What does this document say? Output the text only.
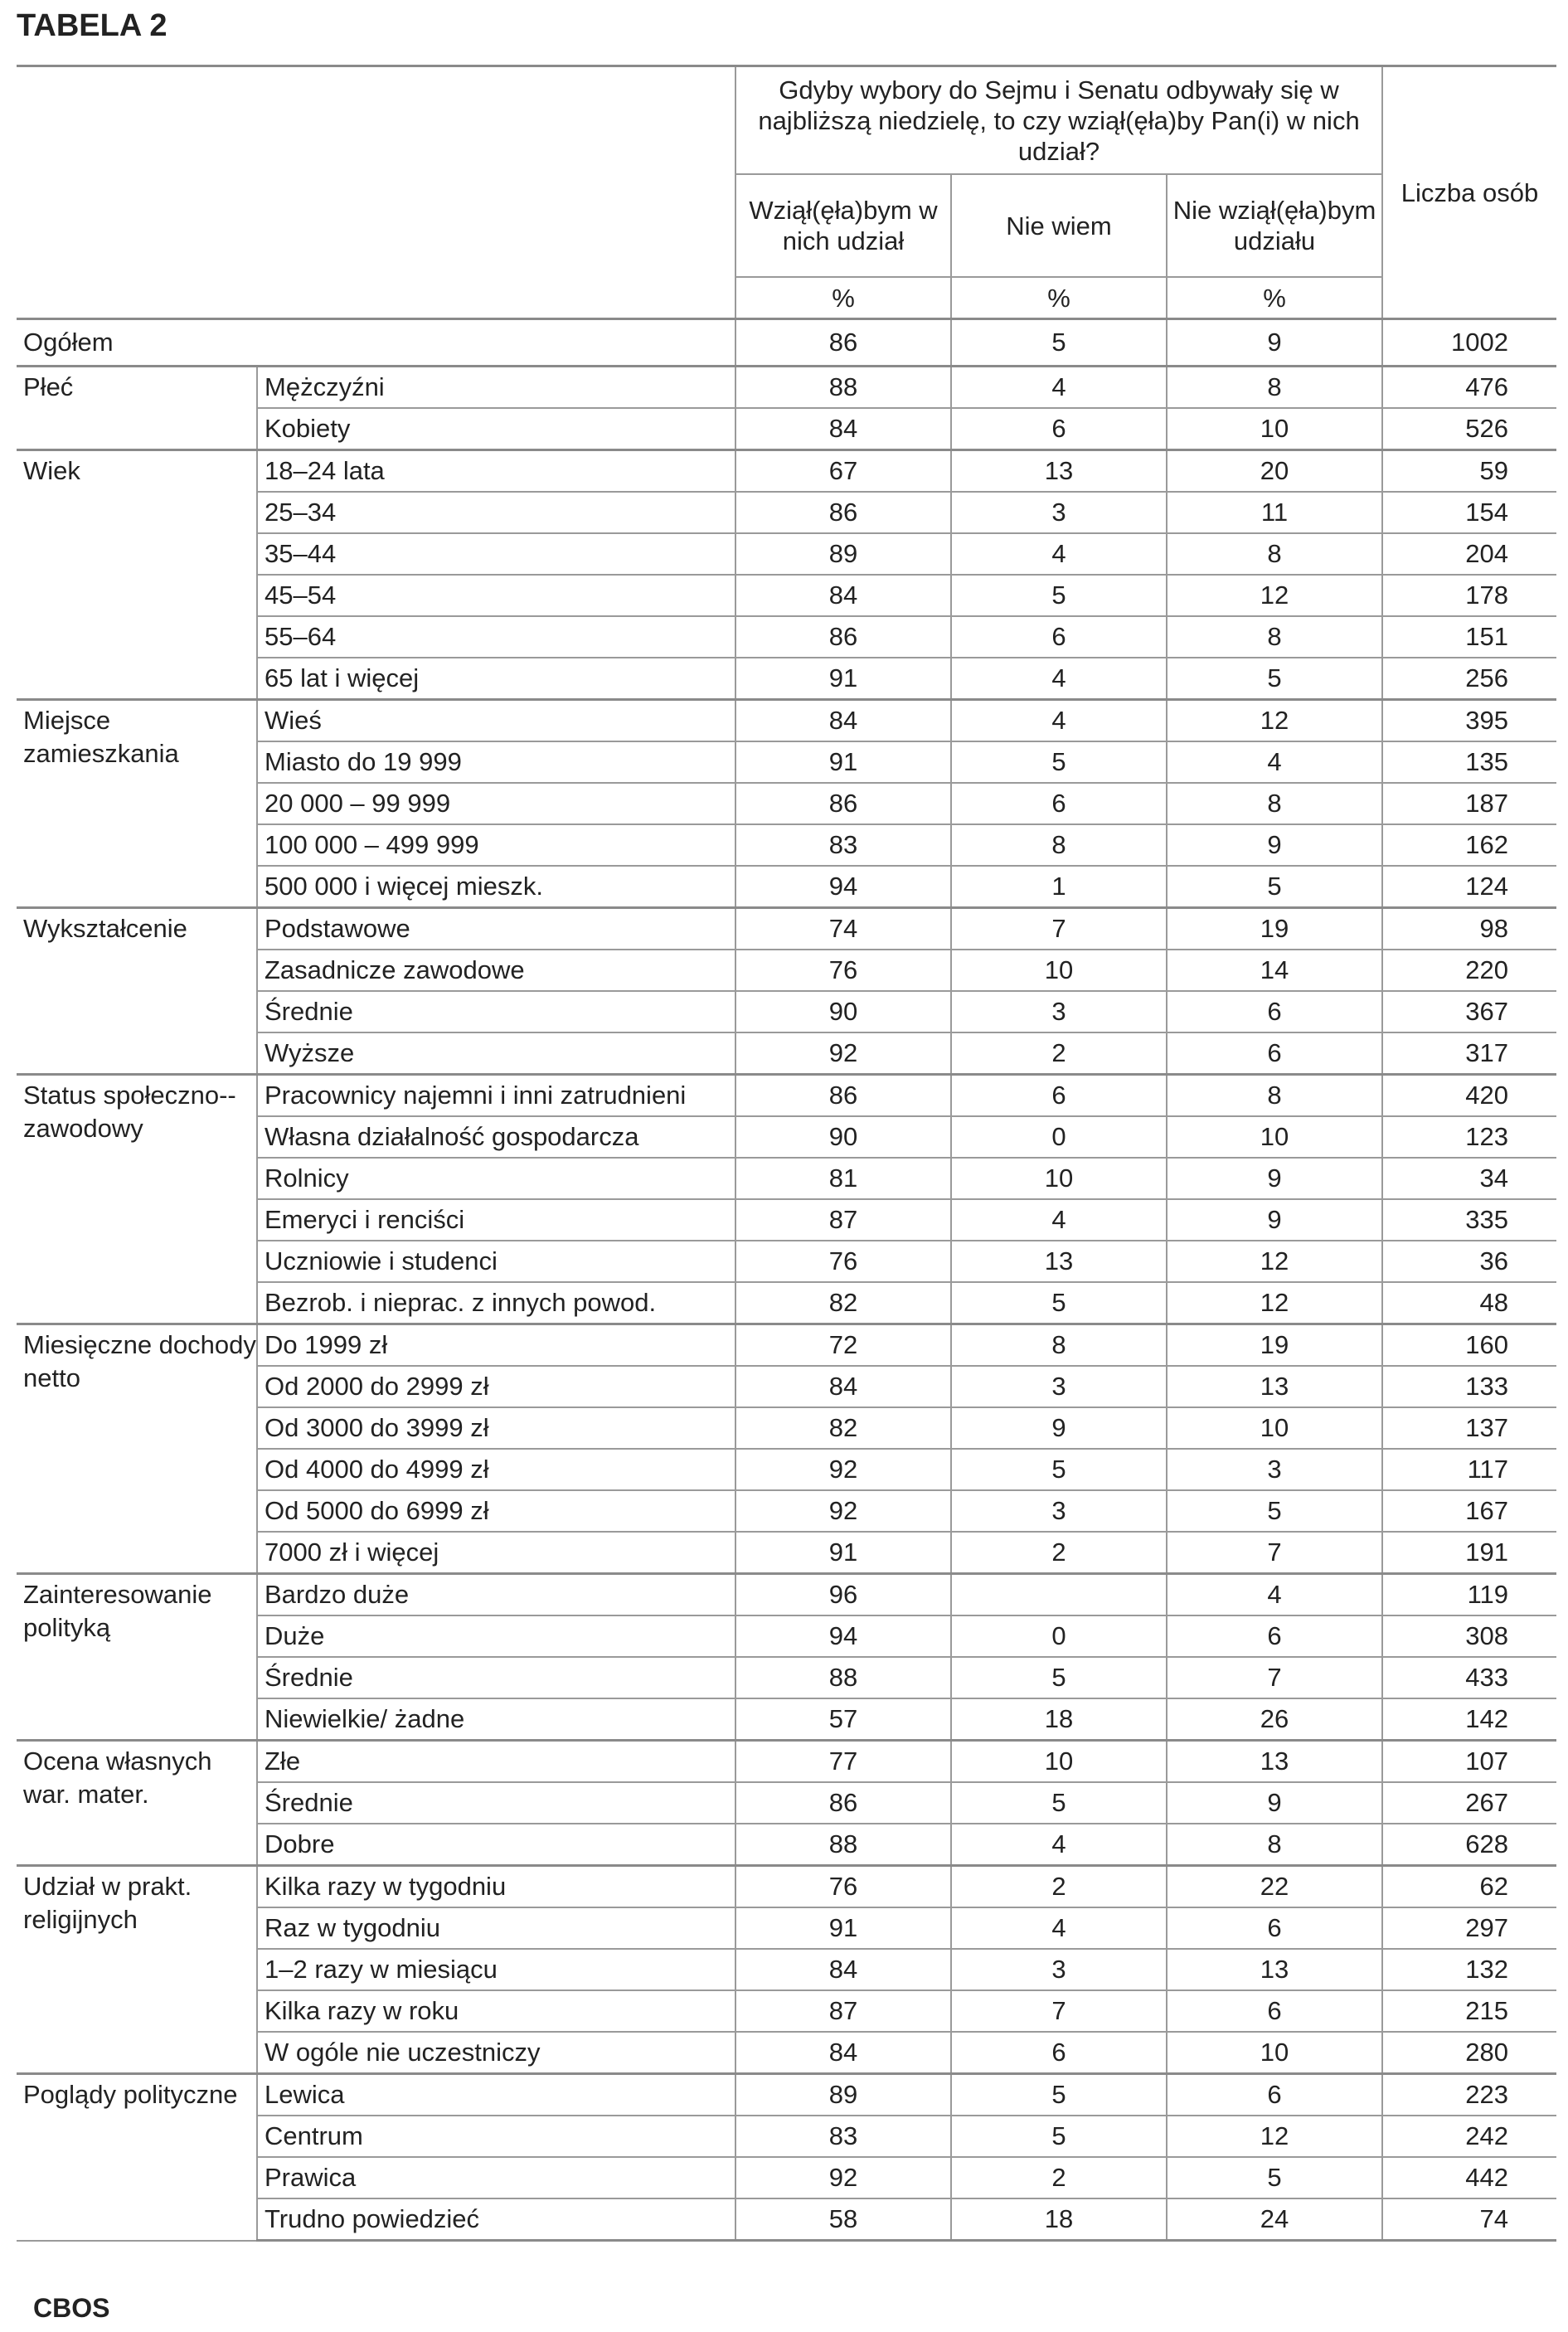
TABELA 2
		Gdyby wybory do Sejmu i Senatu odbywały się w najbliższą niedzielę, to czy wziął(ęła)by Pan(i) w nich udział?			Liczba osób
		Wziął(ęła)bym w nich udział	Nie wiem	Nie wziął(ęła)bym udziału	
		%	%	%	
Ogółem		86	5	9	1002
Płeć	Mężczyźni	88	4	8	476
	Kobiety	84	6	10	526
Wiek	18–24 lata	67	13	20	59
	25–34	86	3	11	154
	35–44	89	4	8	204
	45–54	84	5	12	178
	55–64	86	6	8	151
	65 lat i więcej	91	4	5	256
Miejsce zamieszkania	Wieś	84	4	12	395
	Miasto do 19 999	91	5	4	135
	20 000 – 99 999	86	6	8	187
	100 000 – 499 999	83	8	9	162
	500 000 i więcej mieszk.	94	1	5	124
Wykształcenie	Podstawowe	74	7	19	98
	Zasadnicze zawodowe	76	10	14	220
	Średnie	90	3	6	367
	Wyższe	92	2	6	317
Status społeczno--zawodowy	Pracownicy najemni i inni zatrudnieni	86	6	8	420
	Własna działalność gospodarcza	90	0	10	123
	Rolnicy	81	10	9	34
	Emeryci i renciści	87	4	9	335
	Uczniowie i studenci	76	13	12	36
	Bezrob. i nieprac. z innych powod.	82	5	12	48
Miesięczne dochody netto	Do 1999 zł	72	8	19	160
	Od 2000 do 2999 zł	84	3	13	133
	Od 3000 do 3999 zł	82	9	10	137
	Od 4000 do 4999 zł	92	5	3	117
	Od 5000 do 6999 zł	92	3	5	167
	7000 zł i więcej	91	2	7	191
Zainteresowanie polityką	Bardzo duże	96		4	119
	Duże	94	0	6	308
	Średnie	88	5	7	433
	Niewielkie/ żadne	57	18	26	142
Ocena własnych war. mater.	Złe	77	10	13	107
	Średnie	86	5	9	267
	Dobre	88	4	8	628
Udział w prakt. religijnych	Kilka razy w tygodniu	76	2	22	62
	Raz w tygodniu	91	4	6	297
	1–2 razy w miesiącu	84	3	13	132
	Kilka razy w roku	87	7	6	215
	W ogóle nie uczestniczy	84	6	10	280
Poglądy polityczne	Lewica	89	5	6	223
	Centrum	83	5	12	242
	Prawica	92	2	5	442
	Trudno powiedzieć	58	18	24	74
CBOS
